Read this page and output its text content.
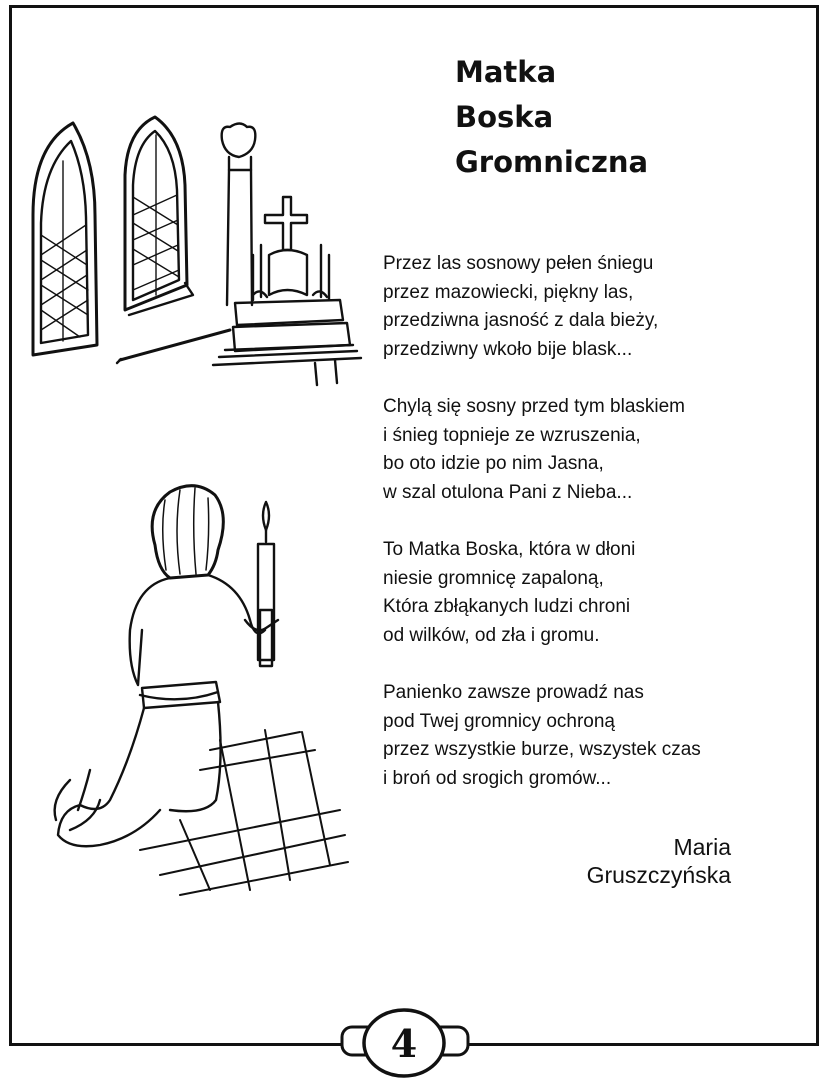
Matka
Boska
Gromniczna

Przez las sosnowy pełen śniegu
przez mazowiecki, piękny las,
przedziwna jasność z dala bieży,
przedziwny wkoło bije blask...

Chylą się sosny przed tym blaskiem
i śnieg topnieje ze wzruszenia,
bo oto idzie po nim Jasna,
w szal otulona Pani z Nieba...

To Matka Boska, która w dłoni
niesie gromnicę zapaloną,
Która zbłąkanych ludzi chroni
od wilków, od zła i gromu.

Panienko zawsze prowadź nas
pod Twej gromnicy ochroną
przez wszystkie burze, wszystek czas
i broń od srogich gromów...

Maria
Gruszczyńska
4
